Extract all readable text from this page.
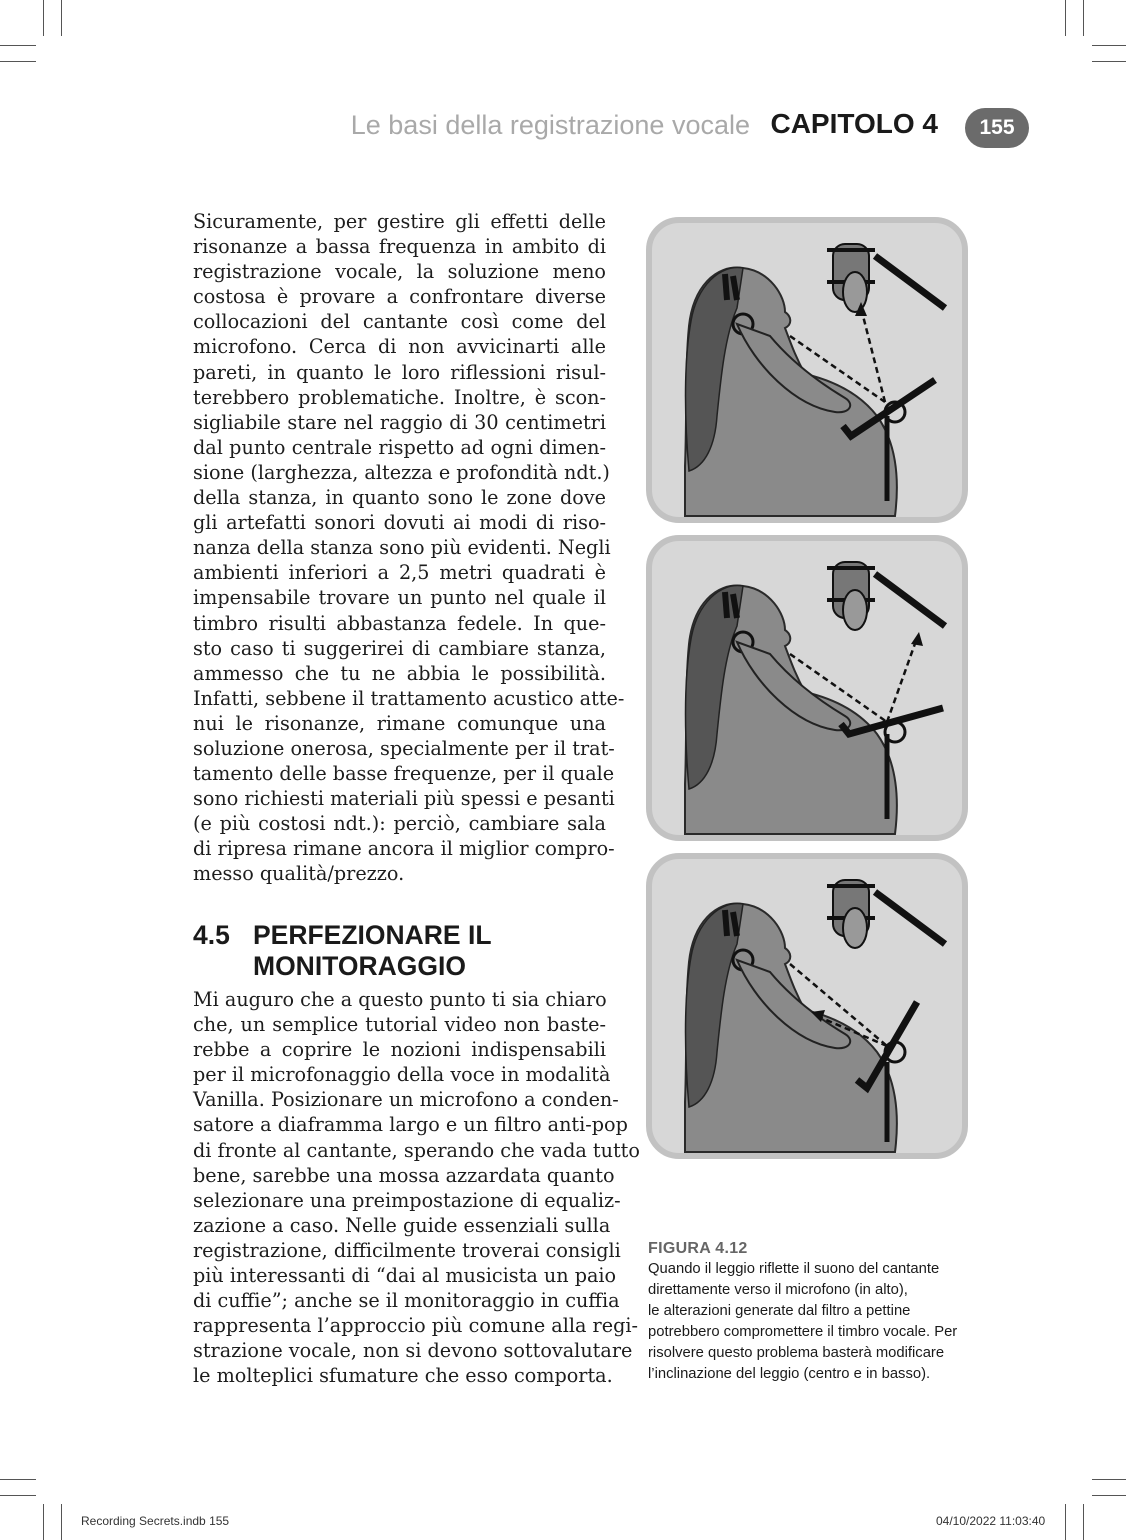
Le basi della registrazione vocale CAPITOLO 4	155
Sicuramente, per gestire gli effetti delle
risonanze a bassa frequenza in ambito di
registrazione vocale, la soluzione meno
costosa è provare a confrontare diverse
collocazioni del cantante così come del
microfono. Cerca di non avvicinarti alle
pareti, in quanto le loro riflessioni risul-
terebbero problematiche. Inoltre, è scon-
sigliabile stare nel raggio di 30 centimetri
dal punto centrale rispetto ad ogni dimen-
sione (larghezza, altezza e profondità ndt.)
della stanza, in quanto sono le zone dove
gli artefatti sonori dovuti ai modi di riso-
nanza della stanza sono più evidenti. Negli
ambienti inferiori a 2,5 metri quadrati è
impensabile trovare un punto nel quale il
timbro risulti abbastanza fedele. In que-
sto caso ti suggerirei di cambiare stanza,
ammesso che tu ne abbia le possibilità.
Infatti, sebbene il trattamento acustico atte-
nui le risonanze, rimane comunque una
soluzione onerosa, specialmente per il trat-
tamento delle basse frequenze, per il quale
sono richiesti materiali più spessi e pesanti
(e più costosi ndt.): perciò, cambiare sala
di ripresa rimane ancora il miglior compro-
messo qualità/prezzo.
4.5 PERFEZIONARE IL
MONITORAGGIO
Mi auguro che a questo punto ti sia chiaro
che, un semplice tutorial video non baste-
rebbe a coprire le nozioni indispensabili
per il microfonaggio della voce in modalità
Vanilla. Posizionare un microfono a conden-
satore a diaframma largo e un filtro anti-pop
di fronte al cantante, sperando che vada tutto
bene, sarebbe una mossa azzardata quanto
selezionare una preimpostazione di equaliz-
zazione a caso. Nelle guide essenziali sulla
registrazione, difficilmente troverai consigli
più interessanti di “dai al musicista un paio
di cuffie”; anche se il monitoraggio in cuffia
rappresenta l’approccio più comune alla regi-
strazione vocale, non si devono sottovalutare
le molteplici sfumature che esso comporta.
FIGURA 4.12
Quando il leggio riflette il suono del cantante
direttamente verso il microfono (in alto),
le alterazioni generate dal filtro a pettine
potrebbero compromettere il timbro vocale. Per
risolvere questo problema basterà modificare
l’inclinazione del leggio (centro e in basso).
Recording Secrets.indb 155	04/10/2022 11:03:40
